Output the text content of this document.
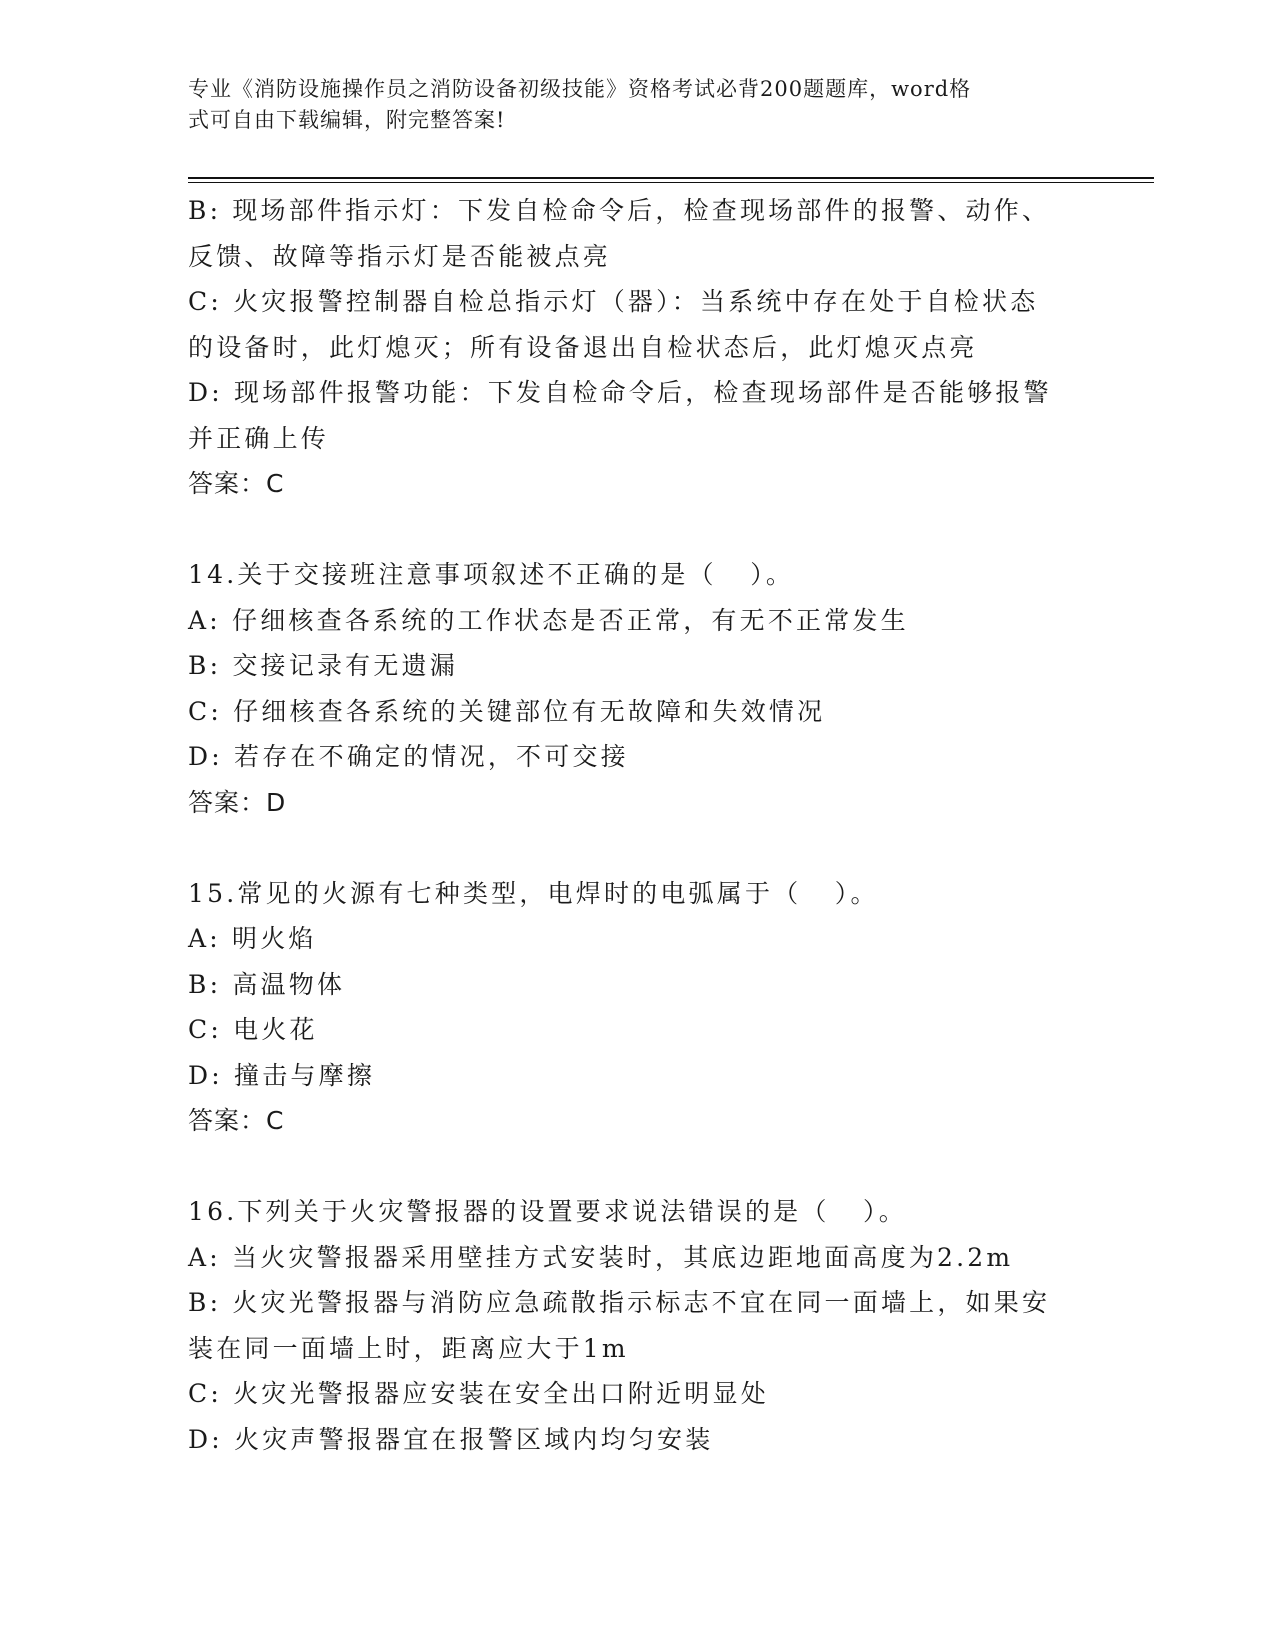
专业《消防设施操作员之消防设备初级技能》资格考试必背200题题库，word格
式可自由下载编辑，附完整答案!

B: 现场部件指示灯：下发自检命令后，检查现场部件的报警、动作、

反馈、故障等指示灯是否能被点亮

C: 火灾报警控制器自检总指示灯（器）：当系统中存在处于自检状态

的设备时，此灯熄灭；所有设备退出自检状态后，此灯熄灭点亮

D: 现场部件报警功能：下发自检命令后，检查现场部件是否能够报警

并正确上传

答案：C

14.关于交接班注意事项叙述不正确的是（   ）。

A: 仔细核查各系统的工作状态是否正常，有无不正常发生

B: 交接记录有无遗漏

C: 仔细核查各系统的关键部位有无故障和失效情况

D: 若存在不确定的情况，不可交接

答案：D

15.常见的火源有七种类型，电焊时的电弧属于（   ）。

A: 明火焰

B: 高温物体

C: 电火花

D: 撞击与摩擦

答案：C

16.下列关于火灾警报器的设置要求说法错误的是（   ）。

A: 当火灾警报器采用壁挂方式安装时，其底边距地面高度为2.2m

B: 火灾光警报器与消防应急疏散指示标志不宜在同一面墙上，如果安

装在同一面墙上时，距离应大于1m

C: 火灾光警报器应安装在安全出口附近明显处

D: 火灾声警报器宜在报警区域内均匀安装
